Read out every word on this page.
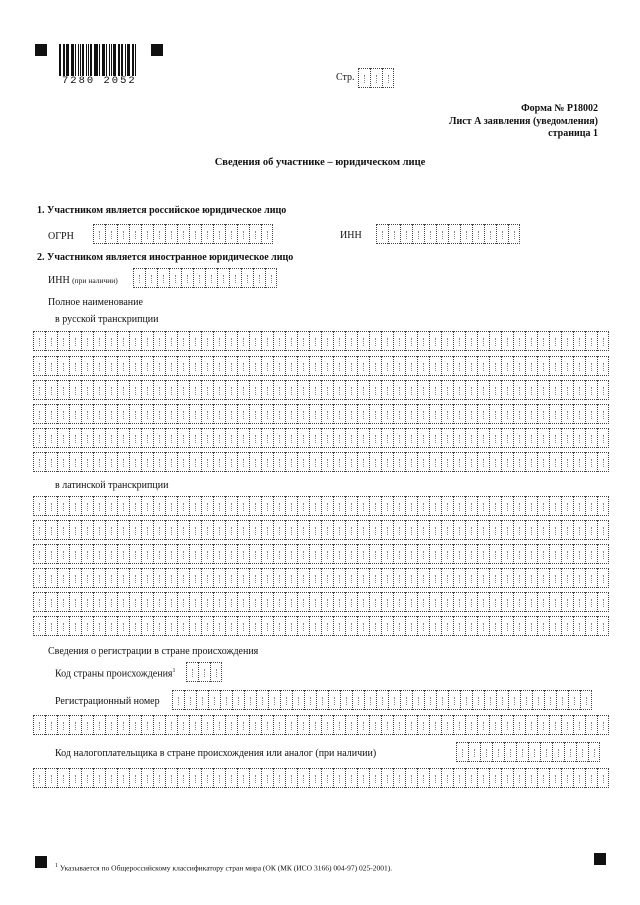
7280 2052	Стр.
Форма № Р18002
Лист А заявления (уведомления)
страница 1
Сведения об участнике – юридическом лице
1. Участником является российское юридическое лицо
ОГРН	ИНН
2. Участником является иностранное юридическое лицо
ИНН (при наличии)
Полное наименование
в русской транскрипции
в латинской транскрипции
Сведения о регистрации в стране происхождения
Код страны происхождения$^1$
Регистрационный номер
Код налогоплательщика в стране происхождения или аналог (при наличии)
$^1$ Указывается по Общероссийскому классификатору стран мира (ОК (МК (ИСО 3166) 004-97) 025-2001).
